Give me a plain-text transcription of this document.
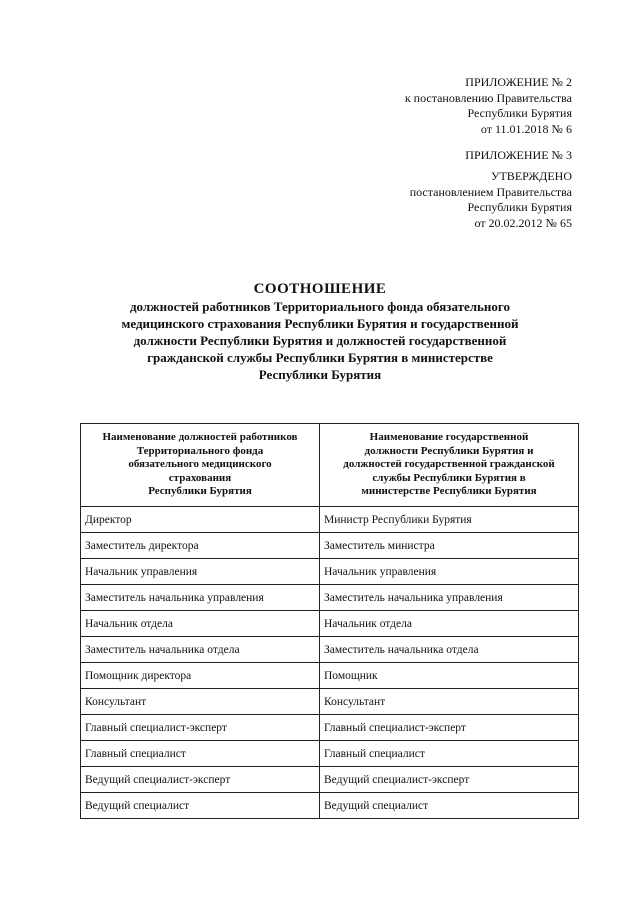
ПРИЛОЖЕНИЕ № 2
к постановлению Правительства
Республики Бурятия
от 11.01.2018 № 6
ПРИЛОЖЕНИЕ № 3
УТВЕРЖДЕНО
постановлением Правительства
Республики Бурятия
от 20.02.2012 № 65
СООТНОШЕНИЕ
должностей работников Территориального фонда обязательного
медицинского страхования Республики Бурятия и государственной
должности Республики Бурятия и должностей государственной
гражданской службы Республики Бурятия в министерстве
Республики Бурятия
Наименование должностей работников
Территориального фонда
обязательного медицинского
страхования
Республики Бурятия	Наименование государственной
должности Республики Бурятия и
должностей государственной гражданской
службы Республики Бурятия в
министерстве Республики Бурятия
Директор	Министр Республики Бурятия
Заместитель директора	Заместитель министра
Начальник управления	Начальник управления
Заместитель начальника управления	Заместитель начальника управления
Начальник отдела	Начальник отдела
Заместитель начальника отдела	Заместитель начальника отдела
Помощник директора	Помощник
Консультант	Консультант
Главный специалист-эксперт	Главный специалист-эксперт
Главный специалист	Главный специалист
Ведущий специалист-эксперт	Ведущий специалист-эксперт
Ведущий специалист	Ведущий специалист
